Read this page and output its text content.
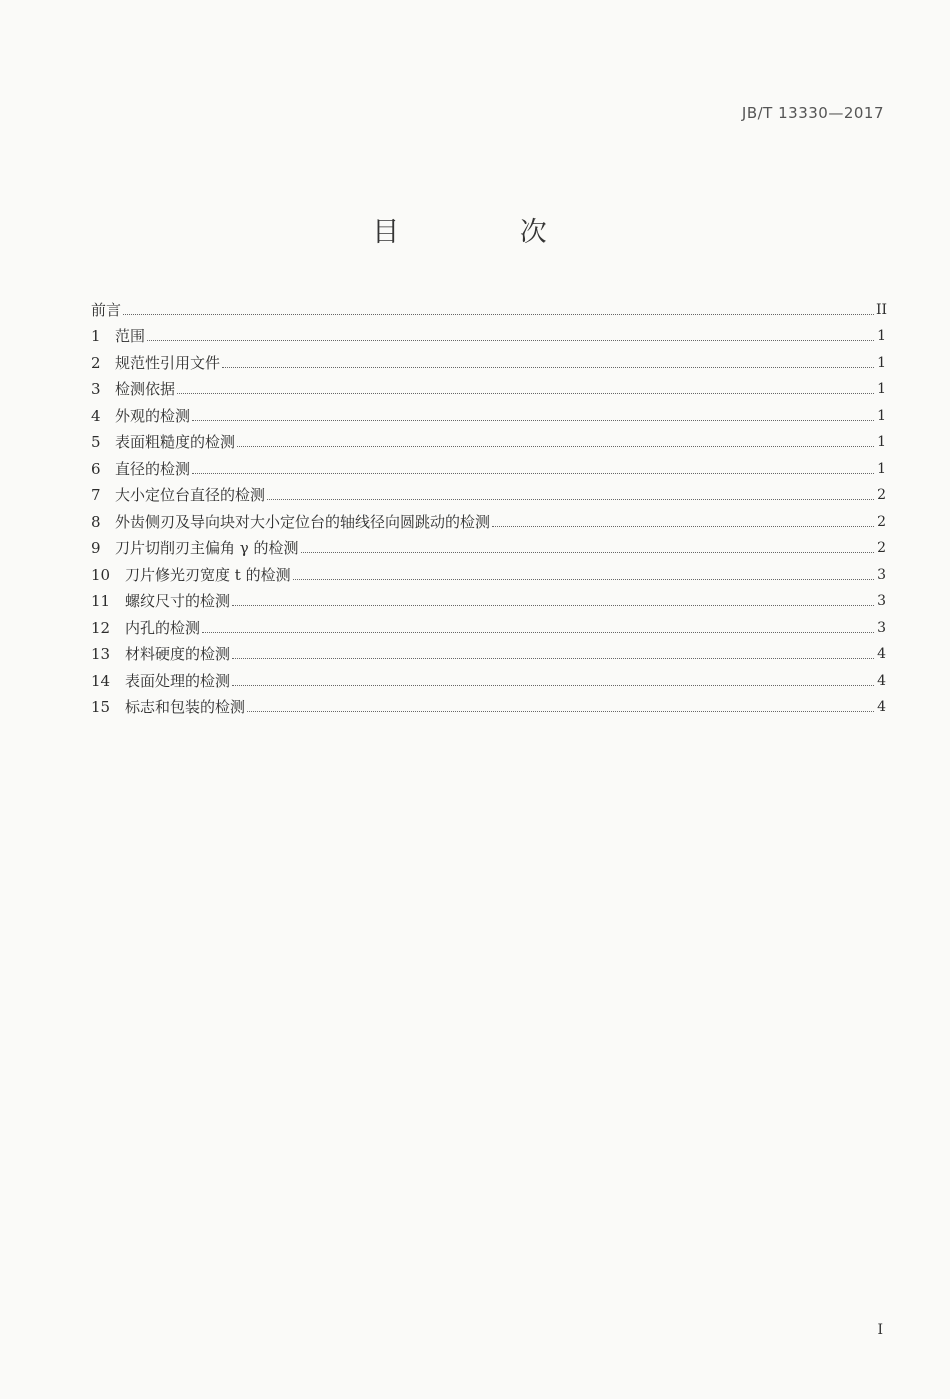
JB/T 13330—2017
目 次
前言	II
1 范围	1
2 规范性引用文件	1
3 检测依据	1
4 外观的检测	1
5 表面粗糙度的检测	1
6 直径的检测	1
7 大小定位台直径的检测	2
8 外齿侧刃及导向块对大小定位台的轴线径向圆跳动的检测	2
9 刀片切削刃主偏角 γ 的检测	2
10 刀片修光刃宽度 t 的检测	3
11 螺纹尺寸的检测	3
12 内孔的检测	3
13 材料硬度的检测	4
14 表面处理的检测	4
15 标志和包装的检测	4
I
